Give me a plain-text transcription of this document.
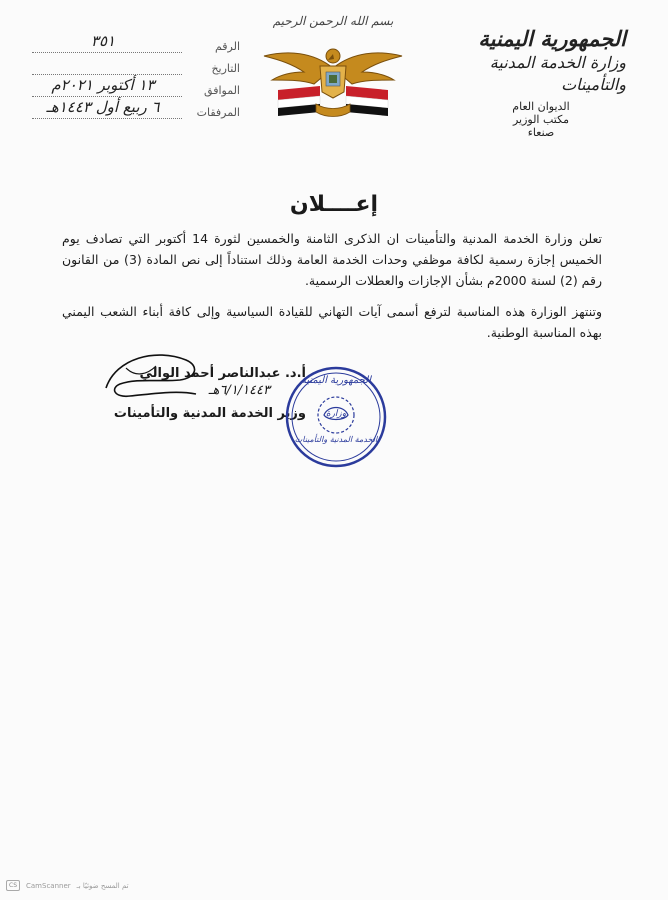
الجمهورية اليمنية
وزارة الخدمة المدنية والتأمينات
الديوان العام
مكتب الوزير
صنعاء
بسم الله الرحمن الرحيم
الرقم
٣٥١
التاريخ
الموافق
١٣ أكتوبر ٢٠٢١م
المرفقات
٦ ربيع أول ١٤٤٣هـ
إعــــلان

تعلن وزارة الخدمة المدنية والتأمينات ان الذكرى الثامنة والخمسين لثورة 14 أكتوبر التي تصادف يوم الخميس إجازة رسمية لكافة موظفي وحدات الخدمة العامة وذلك استناداً إلى نص المادة (3) من القانون رقم (2) لسنة 2000م بشأن الإجازات والعطلات الرسمية.

وتنتهز الوزارة هذه المناسبة لترفع أسمى آيات التهاني للقيادة السياسية وإلى كافة أبناء الشعب اليمني بهذه المناسبة الوطنية.

أ.د. عبدالناصر أحمد الوالي
٦/١/١٤٤٣هـ
وزير الخدمة المدنية والتأمينات
الجمهورية اليمنية
وزارة
الخدمة المدنية والتأمينات
CS	CamScanner تم المسح ضوئيًا بـ
